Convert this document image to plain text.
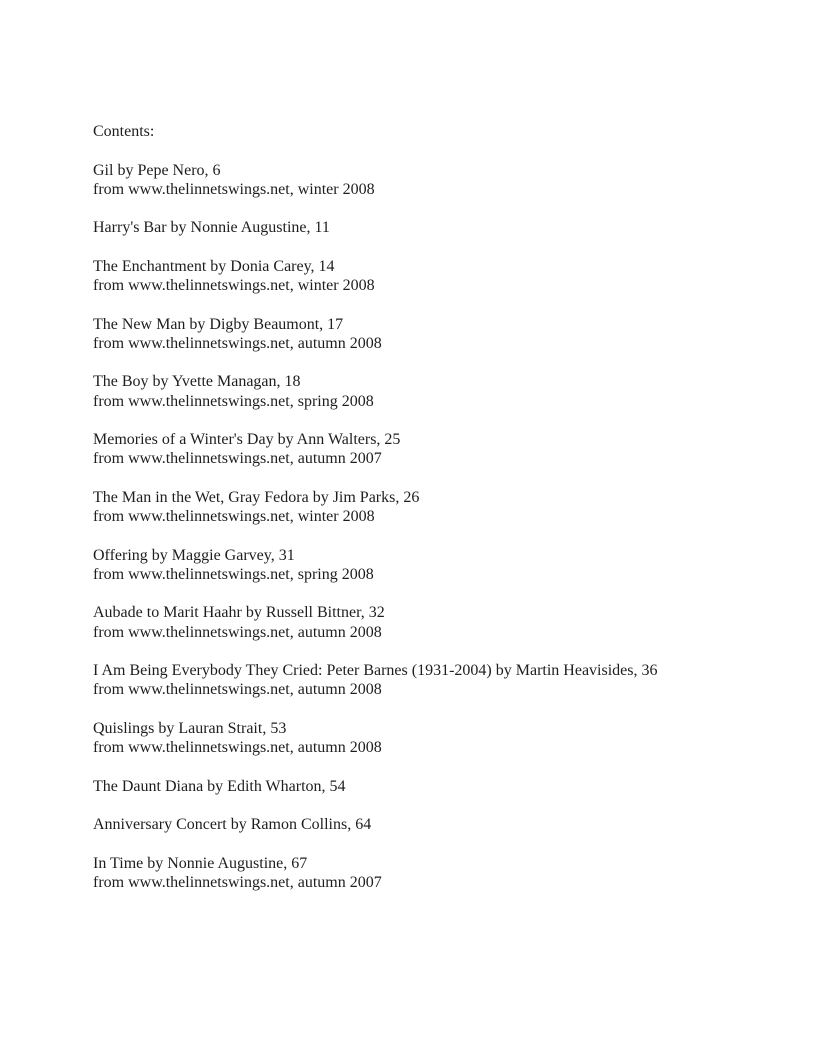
Contents:

Gil by Pepe Nero, 6

from www.thelinnetswings.net, winter 2008

Harry's Bar by Nonnie Augustine, 11

The Enchantment by Donia Carey, 14

from www.thelinnetswings.net, winter 2008

The New Man by Digby Beaumont, 17

from www.thelinnetswings.net, autumn 2008

The Boy by Yvette Managan, 18

from www.thelinnetswings.net, spring 2008

Memories of a Winter's Day by Ann Walters, 25

from www.thelinnetswings.net, autumn 2007

The Man in the Wet, Gray Fedora by Jim Parks, 26

from www.thelinnetswings.net, winter 2008

Offering by Maggie Garvey, 31

from www.thelinnetswings.net, spring 2008

Aubade to Marit Haahr by Russell Bittner, 32

from www.thelinnetswings.net, autumn 2008

I Am Being Everybody They Cried: Peter Barnes (1931-2004) by Martin Heavisides, 36

from www.thelinnetswings.net, autumn 2008

Quislings by Lauran Strait, 53

from www.thelinnetswings.net, autumn 2008

The Daunt Diana by Edith Wharton, 54

Anniversary Concert by Ramon Collins, 64

In Time by Nonnie Augustine, 67

from www.thelinnetswings.net, autumn 2007
